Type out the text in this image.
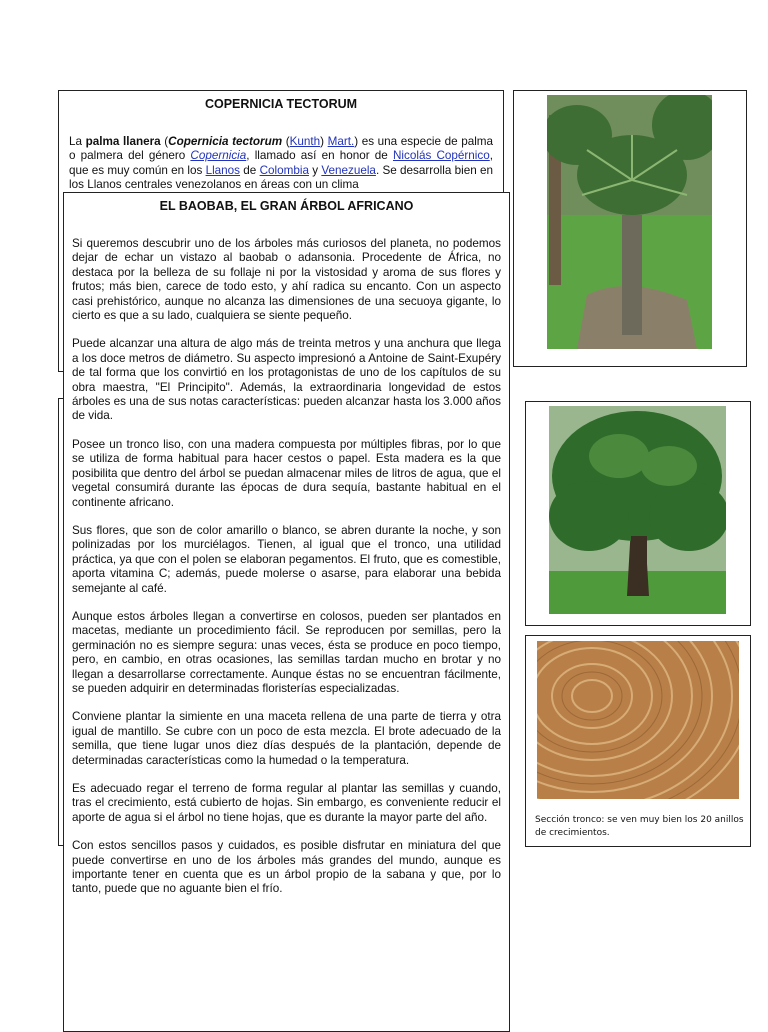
COPERNICIA TECTORUM

La palma llanera (Copernicia tectorum (Kunth) Mart.) es una especie de palma o palmera del género Copernicia, llamado así en honor de Nicolás Copérnico, que es muy común en los Llanos de Colombia y Venezuela. Se desarrolla bien en los Llanos centrales venezolanos en áreas con un clima

EL BAOBAB, EL GRAN ÁRBOL AFRICANO

Si queremos descubrir uno de los árboles más curiosos del planeta, no podemos dejar de echar un vistazo al baobab o adansonia. Procedente de África, no destaca por la belleza de su follaje ni por la vistosidad y aroma de sus flores y frutos; más bien, carece de todo esto, y ahí radica su encanto. Con un aspecto casi prehistórico, aunque no alcanza las dimensiones de una secuoya gigante, lo cierto es que a su lado, cualquiera se siente pequeño.

Puede alcanzar una altura de algo más de treinta metros y una anchura que llega a los doce metros de diámetro. Su aspecto impresionó a Antoine de Saint-Exupéry de tal forma que los convirtió en los protagonistas de uno de los capítulos de su obra maestra, "El Principito". Además, la extraordinaria longevidad de estos árboles es una de sus notas características: pueden alcanzar hasta los 3.000 años de vida.

Posee un tronco liso, con una madera compuesta por múltiples fibras, por lo que se utiliza de forma habitual para hacer cestos o papel. Esta madera es la que posibilita que dentro del árbol se puedan almacenar miles de litros de agua, que el vegetal consumirá durante las épocas de dura sequía, bastante habitual en el continente africano.

Sus flores, que son de color amarillo o blanco, se abren durante la noche, y son polinizadas por los murciélagos. Tienen, al igual que el tronco, una utilidad práctica, ya que con el polen se elaboran pegamentos. El fruto, que es comestible, aporta vitamina C; además, puede molerse o asarse, para elaborar una bebida semejante al café.

Aunque estos árboles llegan a convertirse en colosos, pueden ser plantados en macetas, mediante un procedimiento fácil. Se reproducen por semillas, pero la germinación no es siempre segura: unas veces, ésta se produce en poco tiempo, pero, en cambio, en otras ocasiones, las semillas tardan mucho en brotar y no llegan a desarrollarse correctamente. Aunque éstas no se encuentran fácilmente, se pueden adquirir en determinadas floristerías especializadas.

Conviene plantar la simiente en una maceta rellena de una parte de tierra y otra igual de mantillo. Se cubre con un poco de esta mezcla. El brote adecuado de la semilla, que tiene lugar unos diez días después de la plantación, depende de determinadas características como la humedad o la temperatura.

Es adecuado regar el terreno de forma regular al plantar las semillas y cuando, tras el crecimiento, está cubierto de hojas. Sin embargo, es conveniente reducir el aporte de agua si el árbol no tiene hojas, que es durante la mayor parte del año.

Con estos sencillos pasos y cuidados, es posible disfrutar en miniatura del que puede convertirse en uno de los árboles más grandes del mundo, aunque es importante tener en cuenta que es un árbol propio de la sabana y que, por lo tanto, puede que no aguante bien el frío.

Sección tronco: se ven muy bien los 20 anillos de crecimientos.
